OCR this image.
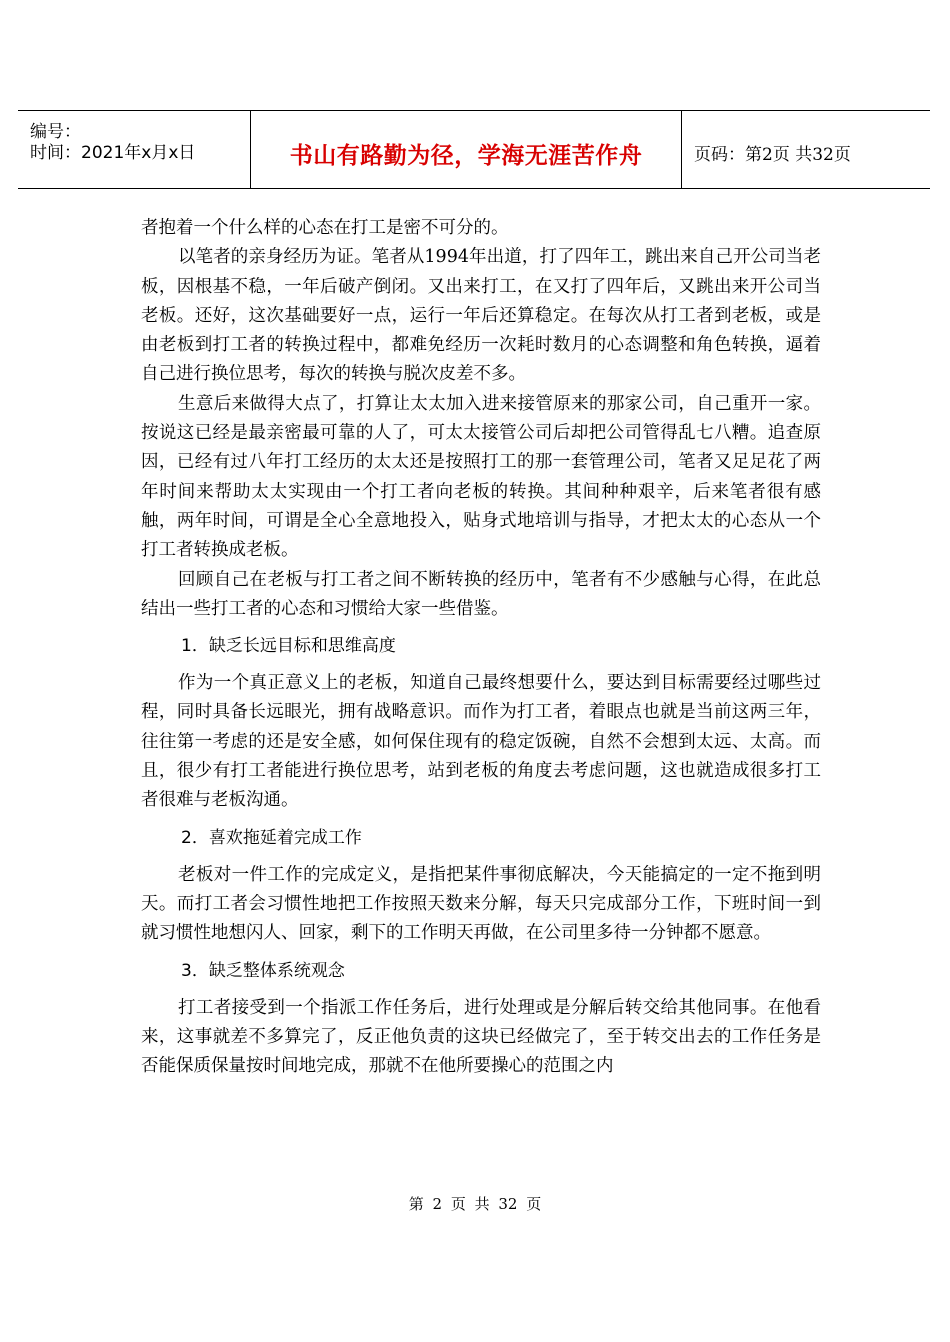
编号：
时间：2021年x月x日	书山有路勤为径，学海无涯苦作舟	页码：第2页 共32页

者抱着一个什么样的心态在打工是密不可分的。

以笔者的亲身经历为证。笔者从1994年出道，打了四年工，跳出来自己开公司当老板，因根基不稳，一年后破产倒闭。又出来打工，在又打了四年后，又跳出来开公司当老板。还好，这次基础要好一点，运行一年后还算稳定。在每次从打工者到老板，或是由老板到打工者的转换过程中，都难免经历一次耗时数月的心态调整和角色转换，逼着自己进行换位思考，每次的转换与脱次皮差不多。

生意后来做得大点了，打算让太太加入进来接管原来的那家公司，自己重开一家。按说这已经是最亲密最可靠的人了，可太太接管公司后却把公司管得乱七八糟。追查原因，已经有过八年打工经历的太太还是按照打工的那一套管理公司，笔者又足足花了两年时间来帮助太太实现由一个打工者向老板的转换。其间种种艰辛，后来笔者很有感触，两年时间，可谓是全心全意地投入，贴身式地培训与指导，才把太太的心态从一个打工者转换成老板。

回顾自己在老板与打工者之间不断转换的经历中，笔者有不少感触与心得，在此总结出一些打工者的心态和习惯给大家一些借鉴。

1．缺乏长远目标和思维高度

作为一个真正意义上的老板，知道自己最终想要什么，要达到目标需要经过哪些过程，同时具备长远眼光，拥有战略意识。而作为打工者，着眼点也就是当前这两三年，往往第一考虑的还是安全感，如何保住现有的稳定饭碗，自然不会想到太远、太高。而且，很少有打工者能进行换位思考，站到老板的角度去考虑问题，这也就造成很多打工者很难与老板沟通。

2．喜欢拖延着完成工作

老板对一件工作的完成定义，是指把某件事彻底解决，今天能搞定的一定不拖到明天。而打工者会习惯性地把工作按照天数来分解，每天只完成部分工作，下班时间一到就习惯性地想闪人、回家，剩下的工作明天再做，在公司里多待一分钟都不愿意。

3．缺乏整体系统观念

打工者接受到一个指派工作任务后，进行处理或是分解后转交给其他同事。在他看来，这事就差不多算完了，反正他负责的这块已经做完了，至于转交出去的工作任务是否能保质保量按时间地完成，那就不在他所要操心的范围之内

第 2 页 共 32 页
